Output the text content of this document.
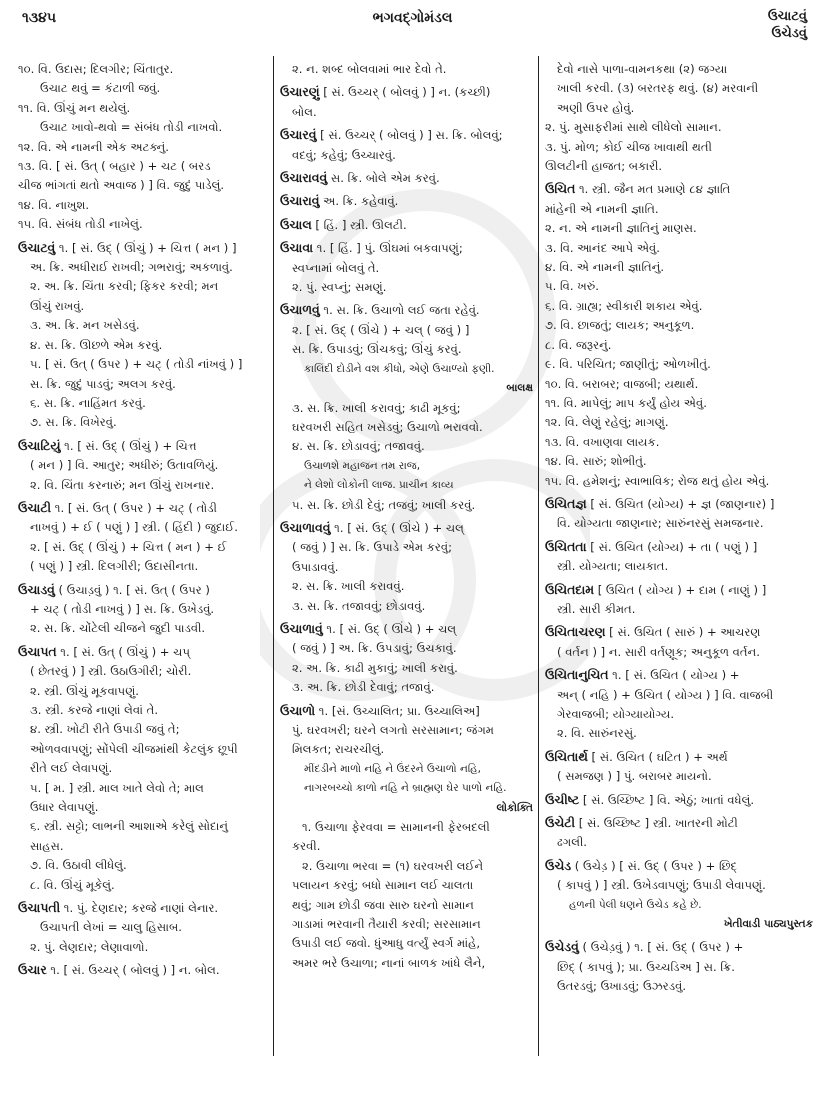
૧૩૪૫	ભગવદ્ગોમંડલ	ઉચાટવું
ઉચેડવું
૧૦. વિ. ઉદાસ; દિલગીર; ચિંતાતુર.
ઉચાટ થવું = કંટાળી જવું.
૧૧. વિ. ઊંચું મન થયેલું.
ઉચાટ ખાવો-થવો = સંબંધ તોડી નાખવો.
૧૨. વિ. એ નામની એક અટક્નું.
૧૩. વિ. [ સં. ઉત્ ( બહાર ) + ચટ ( બરડ
ચીજ ભાંગતાં થતો અવાજ ) ] વિ. જુદું પાડેલું.
૧૪. વિ. નાખુશ.
૧૫. વિ. સંબંધ તોડી નાખેલું.
ઉચાટવું ૧. [ સં. ઉદ્ ( ઊંચું ) + ચિત્ત ( મન ) ]
અ. ક્રિ. અધીરાઈ રાખવી; ગભરાવું; અકળાવું.
૨. અ. ક્રિ. ચિંતા કરવી; ફિકર કરવી; મન
ઊંચું રાખવું.
૩. અ. ક્રિ. મન ખસેડવું.
૪. સ. ક્રિ. ઊછળે એમ કરવું.
૫. [ સં. ઉત્ ( ઉપર ) + ચટ્ ( તોડી નાંખવું ) ]
સ. ક્રિ. જુદું પાડવું; અલગ કરવું.
૬. સ. ક્રિ. નાહિંમત કરવું.
૭. સ. ક્રિ. વિખેરવું.
ઉચાટિયું ૧. [ સં. ઉદ્ ( ઊંચું ) + ચિત્ત
( મન ) ] વિ. આતુર; અધીરું; ઉતાવળિયું.
૨. વિ. ચિંતા કરનારું; મન ઊંચું રાખનાર.
ઉચાટી ૧. [ સં. ઉત્ ( ઉપર ) + ચટ્ ( તોડી
નાખવું ) + ઈ ( પણું ) ] સ્ત્રી. ( હિંદી ) જુદાઈ.
૨. [ સં. ઉદ્ ( ઊંચું ) + ચિત્ત ( મન ) + ઈ
( પણું ) ] સ્ત્રી. દિલગીરી; ઉદાસીનતા.
ઉચાડવું ( ઉચાડ઼વું ) ૧. [ સં. ઉત્ ( ઉપર )
+ ચટ્ ( તોડી નાખવું ) ] સ. ક્રિ. ઉખેડવું.
૨. સ. ક્રિ. ચોંટેલી ચીજને જુદી પાડવી.
ઉચાપત ૧. [ સં. ઉત્ ( ઊંચું ) + ચપ્
( છેતરવું ) ] સ્ત્રી. ઉઠાઉગીરી; ચોરી.
૨. સ્ત્રી. ઊંચું મૂકવાપણું.
૩. સ્ત્રી. કરજે નાણાં લેવાં તે.
૪. સ્ત્રી. ખોટી રીતે ઉપાડી જવું તે;
ઓળવવાપણું; સોંપેલી ચીજમાંથી કેટલુંક છૂપી
રીતે લઈ લેવાપણું.
૫. [ મ. ] સ્ત્રી. માલ ખાતે લેવો તે; માલ
ઉધાર લેવાપણું.
૬. સ્ત્રી. સટ્ટો; લાભની આશાએ કરેલું સોદાનું
સાહસ.
૭. વિ. ઉઠાવી લીધેલું.
૮. વિ. ઊંચું મૂકેલું.
ઉચાપતી ૧. પું. દેણદાર; કરજે નાણાં લેનાર.
ઉચાપતી લેખાં = ચાલુ હિસાબ.
૨. પું. લેણદાર; લેણાવાળો.
ઉચાર ૧. [ સં. ઉચ્ચર્ ( બોલવું ) ] ન. બોલ.
૨. ન. શબ્દ બોલવામાં ભાર દેવો તે.
ઉચારણું [ સં. ઉચ્ચર્ ( બોલવું ) ] ન. (કચ્છી)
બોલ.
ઉચારવું [ સં. ઉચ્ચર્ ( બોલવું ) ] સ. ક્રિ. બોલવું;
વદવું; કહેવું; ઉચ્ચારવું.
ઉચારાવવું સ. ક્રિ. બોલે એમ કરવું.
ઉચારાવું અ. ક્રિ. કહેવાવું.
ઉચાલ [ હિં. ] સ્ત્રી. ઊલટી.
ઉચાવા ૧. [ હિં. ] પું. ઊંઘમાં બકવાપણું;
સ્વપ્નામાં બોલવું તે.
૨. પું. સ્વપ્નું; સમણું.
ઉચાળવું ૧. સ. ક્રિ. ઉચાળો લઈ જતા રહેવું.
૨. [ સં. ઉદ્ ( ઊંચે ) + ચલ્ ( જવું ) ]
સ. ક્રિ. ઉપાડવું; ઊંચકવું; ઊંચું કરવું.
કાલિંદી દોડીને વશ કીધો, એણે ઉચાળ્યો ફણી.
બાલક્ષ
૩. સ. ક્રિ. ખાલી કરાવવું; કાઢી મૂકવું;
ઘરવખરી સહિત ખસેડવું; ઉચાળો ભરાવવો.
૪. સ. ક્રિ. છોડાવવું; તજાવવું.
ઉચાળશે મહાજન તમ રાજ,
ને લેશો લોકોની લાજ. પ્રાચીન કાવ્ય
૫. સ. ક્રિ. છોડી દેવું; તજવું; ખાલી કરવું.
ઉચાળાવવું ૧. [ સં. ઉદ્ ( ઊંચે ) + ચલ્
( જવું ) ] સ. ક્રિ. ઉપાડે એમ કરવું;
ઉપાડાવવું.
૨. સ. ક્રિ. ખાલી કરાવવું.
૩. સ. ક્રિ. તજાવવું; છોડાવવું.
ઉચાળાવું ૧. [ સં. ઉદ્ ( ઊંચે ) + ચલ્
( જવું ) ] અ. ક્રિ. ઉપડાવું; ઉચકાવું.
૨. અ. ક્રિ. કાઢી મુકાવું; ખાલી કરાવું.
૩. અ. ક્રિ. છોડી દેવાવું; તજાવું.
ઉચાળો ૧. [સં. ઉચ્ચાલિત; પ્રા. ઉચ્ચાલિઅ]
પું. ઘરવખરી; ઘરને લગતો સરસામાન; જંગમ
મિલકત; રાચરચીલું.
મીંદડીને માળો નહિ ને ઉંદરને ઉચાળો નહિ,
નાગરબચ્ચો કાળો નહિ ને બ્રાહ્મણ ઘેર પાળો નહિ.
લોકોક્તિ
૧. ઉચાળા ફેરવવા = સામાનની ફેરબદલી
કરવી.
૨. ઉચાળા ભરવા = (૧) ઘરવખરી લઈને
પલાયન કરવું; બધો સામાન લઈ ચાલતા
થવું; ગામ છોડી જવા સારુ ઘરનો સામાન
ગાડામાં ભરવાની તૈયારી કરવી; સરસામાન
ઉપાડી લઈ જવો. ધુંઆધુ વર્ત્યું સ્વર્ગ માંહે,
અમર ભરે ઉચાળા; નાનાં બાળક ખાંધે લૈને,
દેવો નાસે પાળા-વામનકથા (૨) જગ્યા
ખાલી કરવી. (૩) બરતરફ થવું. (૪) મરવાની
અણી ઉપર હોવું.
૨. પું. મુસાફરીમાં સાથે લીધેલો સામાન.
૩. પું. મોળ; કોઈ ચીજ ખાવાથી થતી
ઊલટીની હાજત; બકારી.
ઉચિત ૧. સ્ત્રી. જૈન મત પ્રમાણે ૮૪ જ્ઞાતિ
માંહેની એ નામની જ્ઞાતિ.
૨. ન. એ નામની જ્ઞાતિનું માણસ.
૩. વિ. આનંદ આપે એવું.
૪. વિ. એ નામની જ્ઞાતિનું.
૫. વિ. ખરું.
૬. વિ. ગ્રાહ્ય; સ્વીકારી શકાય એવું.
૭. વિ. છાજતું; લાયક; અનુકૂળ.
૮. વિ. જરૂરનું.
૯. વિ. પરિચિત; જાણીતું; ઓળખીતું.
૧૦. વિ. બરાબર; વાજબી; યથાર્થ.
૧૧. વિ. માપેલું; માપ કર્યું હોય એવું.
૧૨. વિ. લેણું રહેલું; માગણું.
૧૩. વિ. વખાણવા લાયક.
૧૪. વિ. સારું; શોભીતું.
૧૫. વિ. હમેશનું; સ્વાભાવિક; રોજ થતું હોય એવું.
ઉચિતજ્ઞ [ સં. ઉચિત (યોગ્ય) + જ્ઞ (જાણનાર) ]
વિ. યોગ્યતા જાણનાર; સારુંનરસું સમજનાર.
ઉચિતતા [ સં. ઉચિત (યોગ્ય) + તા ( પણું ) ]
સ્ત્રી. યોગ્યતા; લાયકાત.
ઉચિતદામ [ ઉચિત ( યોગ્ય ) + દામ ( નાણું ) ]
સ્ત્રી. સારી કીમત.
ઉચિતાચરણ [ સં. ઉચિત ( સારું ) + આચરણ
( વર્તન ) ] ન. સારી વર્તણૂક; અનુકૂળ વર્તન.
ઉચિતાનુચિત ૧. [ સં. ઉચિત ( યોગ્ય ) +
અન્ ( નહિ ) + ઉચિત ( યોગ્ય ) ] વિ. વાજબી
ગેરવાજબી; યોગ્યાયોગ્ય.
૨. વિ. સારુંનરસું.
ઉચિતાર્થ [ સં. ઉચિત ( ઘટિત ) + અર્થ
( સમજણ ) ] પું. બરાબર માયનો.
ઉચીષ્ટ [ સં. ઉચ્છિષ્ટ ] વિ. એઠું; ખાતાં વધેલું.
ઉચેટી [ સં. ઉચ્છિષ્ટ ] સ્ત્રી. ખાતરની મોટી
ઢગલી.
ઉચેડ ( ઉચેડ઼ ) [ સં. ઉદ્ ( ઉપર ) + છિદ્
( કાપવું ) ] સ્ત્રી. ઉખેડવાપણું; ઉપાડી લેવાપણું.
હળની પેલી ધણને ઉચેડ કહે છે.
ખેતીવાડી પાઠ્યપુસ્તક
ઉચેડવું ( ઉચેડ઼વું ) ૧. [ સં. ઉદ્ ( ઉપર ) +
છિદ્ ( કાપવું ); પ્રા. ઉચ્ચડિઅ ] સ. ક્રિ.
ઉતરડવું; ઉખાડવું; ઉઝરડવું.
